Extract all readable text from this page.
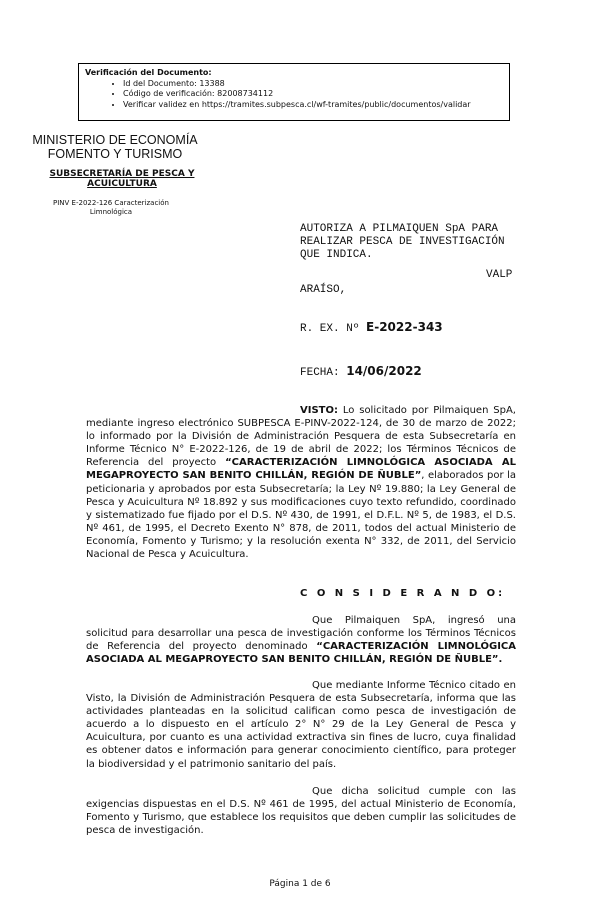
Verificación del Documento:
• Id del Documento: 13388
• Código de verificación: 82008734112
• Verificar validez en https://tramites.subpesca.cl/wf-tramites/public/documentos/validar
MINISTERIO DE ECONOMÍA
FOMENTO Y TURISMO
SUBSECRETARÍA DE PESCA Y ACUICULTURA
PINV E-2022-126 Caracterización
Limnológica
AUTORIZA A PILMAIQUEN SpA PARA REALIZAR PESCA DE INVESTIGACIÓN QUE INDICA.
VALP
ARAÍSO,
R. EX. Nº E-2022-343
FECHA: 14/06/2022
VISTO: Lo solicitado por Pilmaiquen SpA, mediante ingreso electrónico SUBPESCA E-PINV-2022-124, de 30 de marzo de 2022; lo informado por la División de Administración Pesquera de esta Subsecretaría en Informe Técnico N° E-2022-126, de 19 de abril de 2022; los Términos Técnicos de Referencia del proyecto “CARACTERIZACIÓN LIMNOLÓGICA ASOCIADA AL MEGAPROYECTO SAN BENITO CHILLÁN, REGIÓN DE ÑUBLE”, elaborados por la peticionaria y aprobados por esta Subsecretaría; la Ley Nº 19.880; la Ley General de Pesca y Acuicultura Nº 18.892 y sus modificaciones cuyo texto refundido, coordinado y sistematizado fue fijado por el D.S. Nº 430, de 1991, el D.F.L. Nº 5, de 1983, el D.S. Nº 461, de 1995, el Decreto Exento N° 878, de 2011, todos del actual Ministerio de Economía, Fomento y Turismo; y la resolución exenta N° 332, de 2011, del Servicio Nacional de Pesca y Acuicultura.
C O N S I D E R A N D O:
Que Pilmaiquen SpA, ingresó una solicitud para desarrollar una pesca de investigación conforme los Términos Técnicos de Referencia del proyecto denominado “CARACTERIZACIÓN LIMNOLÓGICA ASOCIADA AL MEGAPROYECTO SAN BENITO CHILLÁN, REGIÓN DE ÑUBLE”.
Que mediante Informe Técnico citado en Visto, la División de Administración Pesquera de esta Subsecretaría, informa que las actividades planteadas en la solicitud califican como pesca de investigación de acuerdo a lo dispuesto en el artículo 2° N° 29 de la Ley General de Pesca y Acuicultura, por cuanto es una actividad extractiva sin fines de lucro, cuya finalidad es obtener datos e información para generar conocimiento científico, para proteger la biodiversidad y el patrimonio sanitario del país.
Que dicha solicitud cumple con las exigencias dispuestas en el D.S. Nº 461 de 1995, del actual Ministerio de Economía, Fomento y Turismo, que establece los requisitos que deben cumplir las solicitudes de pesca de investigación.
Página 1 de 6
